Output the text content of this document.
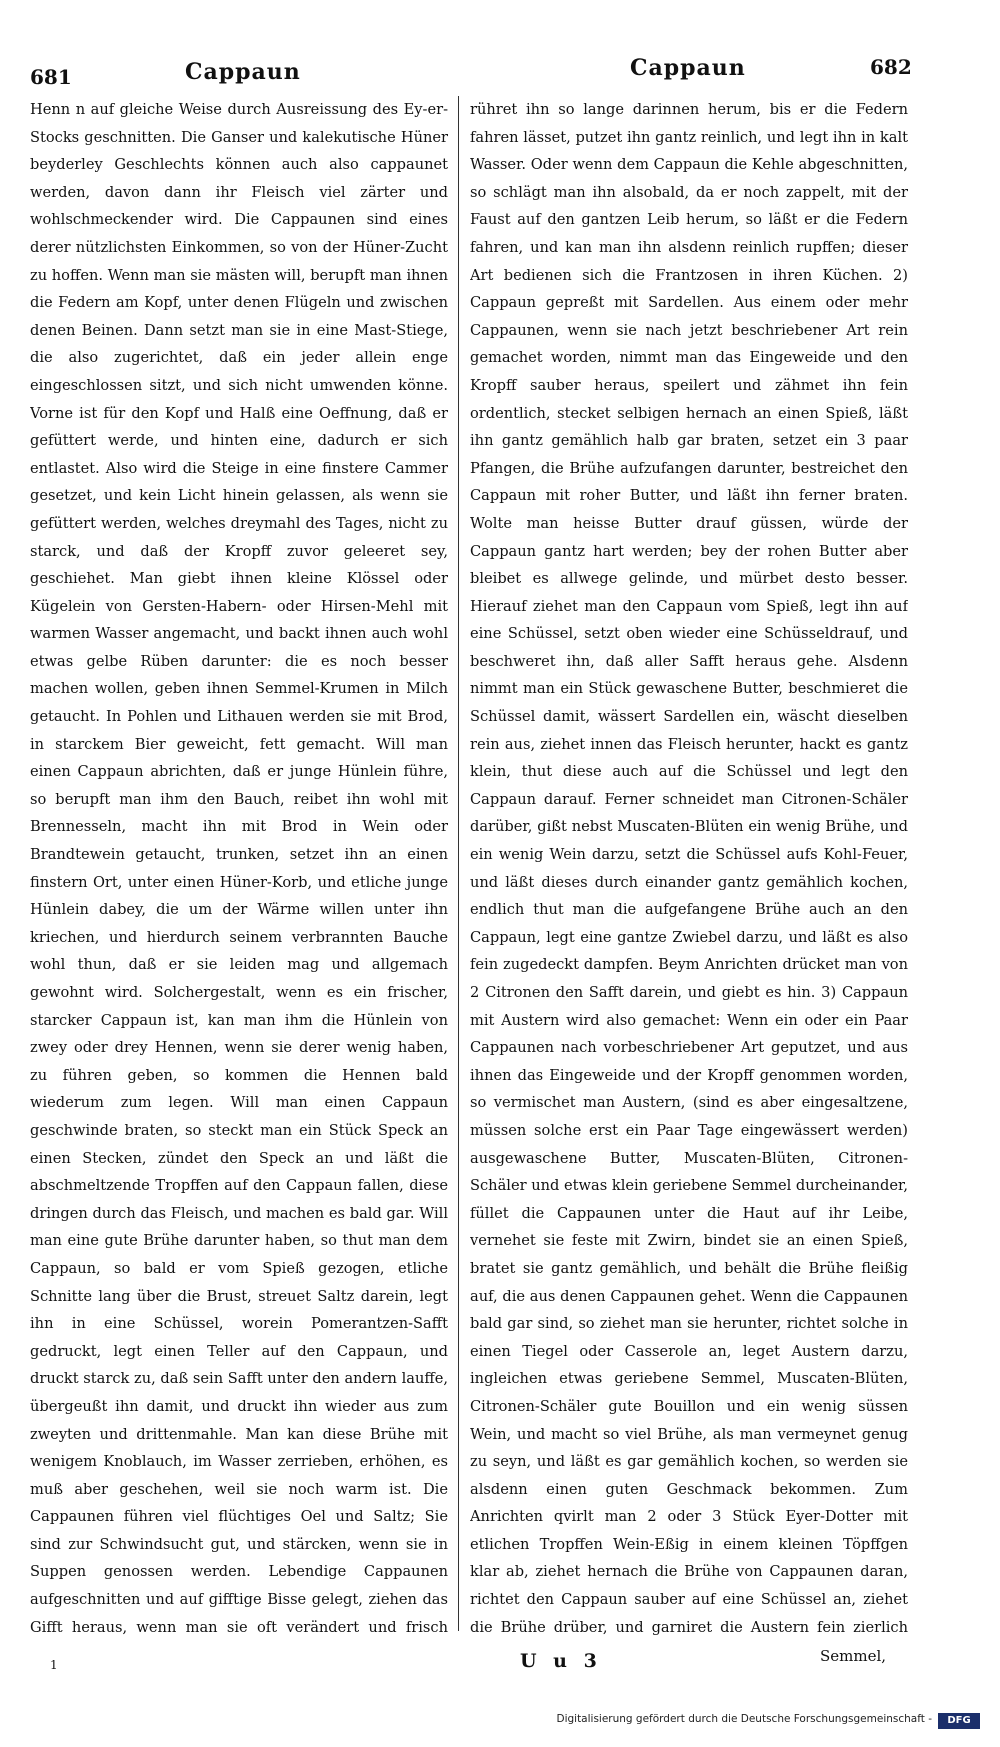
681	Cappaun	Cappaun	682

Henn n auf gleiche Weise durch Ausreissung des Ey-er-Stocks geschnitten. Die Ganser und kalekutische Hüner beyderley Geschlechts können auch also cappaunet werden, davon dann ihr Fleisch viel zärter und wohlschmeckender wird. Die Cappaunen sind eines derer nützlichsten Einkommen, so von der Hüner-Zucht zu hoffen. Wenn man sie mästen will, berupft man ihnen die Federn am Kopf, unter denen Flügeln und zwischen denen Beinen. Dann setzt man sie in eine Mast-Stiege, die also zugerichtet, daß ein jeder allein enge eingeschlossen sitzt, und sich nicht umwenden könne. Vorne ist für den Kopf und Halß eine Oeffnung, daß er gefüttert werde, und hinten eine, dadurch er sich entlastet. Also wird die Steige in eine finstere Cammer gesetzet, und kein Licht hinein gelassen, als wenn sie gefüttert werden, welches dreymahl des Tages, nicht zu starck, und daß der Kropff zuvor geleeret sey, geschiehet. Man giebt ihnen kleine Klössel oder Kügelein von Gersten-Habern- oder Hirsen-Mehl mit warmen Wasser angemacht, und backt ihnen auch wohl etwas gelbe Rüben darunter: die es noch besser machen wollen, geben ihnen Semmel-Krumen in Milch getaucht. In Pohlen und Lithauen werden sie mit Brod, in starckem Bier geweicht, fett gemacht. Will man einen Cappaun abrichten, daß er junge Hünlein führe, so berupft man ihm den Bauch, reibet ihn wohl mit Brennesseln, macht ihn mit Brod in Wein oder Brandtewein getaucht, trunken, setzet ihn an einen finstern Ort, unter einen Hüner-Korb, und etliche junge Hünlein dabey, die um der Wärme willen unter ihn kriechen, und hierdurch seinem verbrannten Bauche wohl thun, daß er sie leiden mag und allgemach gewohnt wird. Solchergestalt, wenn es ein frischer, starcker Cappaun ist, kan man ihm die Hünlein von zwey oder drey Hennen, wenn sie derer wenig haben, zu führen geben, so kommen die Hennen bald wiederum zum legen. Will man einen Cappaun geschwinde braten, so steckt man ein Stück Speck an einen Stecken, zündet den Speck an und läßt die abschmeltzende Tropffen auf den Cappaun fallen, diese dringen durch das Fleisch, und machen es bald gar. Will man eine gute Brühe darunter haben, so thut man dem Cappaun, so bald er vom Spieß gezogen, etliche Schnitte lang über die Brust, streuet Saltz darein, legt ihn in eine Schüssel, worein Pomerantzen-Safft gedruckt, legt einen Teller auf den Cappaun, und druckt starck zu, daß sein Safft unter den andern lauffe, übergeußt ihn damit, und druckt ihn wieder aus zum zweyten und drittenmahle. Man kan diese Brühe mit wenigem Knoblauch, im Wasser zerrieben, erhöhen, es muß aber geschehen, weil sie noch warm ist. Die Cappaunen führen viel flüchtiges Oel und Saltz; Sie sind zur Schwindsucht gut, und stärcken, wenn sie in Suppen genossen werden. Lebendige Cappaunen aufgeschnitten und auf gifftige Bisse gelegt, ziehen das Gifft heraus, wenn man sie oft verändert und frisch

rühret ihn so lange darinnen herum, bis er die Federn fahren lässet, putzet ihn gantz reinlich, und legt ihn in kalt Wasser. Oder wenn dem Cappaun die Kehle abgeschnitten, so schlägt man ihn alsobald, da er noch zappelt, mit der Faust auf den gantzen Leib herum, so läßt er die Federn fahren, und kan man ihn alsdenn reinlich rupffen; dieser Art bedienen sich die Frantzosen in ihren Küchen. 2) Cappaun gepreßt mit Sardellen. Aus einem oder mehr Cappaunen, wenn sie nach jetzt beschriebener Art rein gemachet worden, nimmt man das Eingeweide und den Kropff sauber heraus, speilert und zähmet ihn fein ordentlich, stecket selbigen hernach an einen Spieß, läßt ihn gantz gemählich halb gar braten, setzet ein 3 paar Pfangen, die Brühe aufzufangen darunter, bestreichet den Cappaun mit roher Butter, und läßt ihn ferner braten. Wolte man heisse Butter drauf güssen, würde der Cappaun gantz hart werden; bey der rohen Butter aber bleibet es allwege gelinde, und mürbet desto besser. Hierauf ziehet man den Cappaun vom Spieß, legt ihn auf eine Schüssel, setzt oben wieder eine Schüsseldrauf, und beschweret ihn, daß aller Safft heraus gehe. Alsdenn nimmt man ein Stück gewaschene Butter, beschmieret die Schüssel damit, wässert Sardellen ein, wäscht dieselben rein aus, ziehet innen das Fleisch herunter, hackt es gantz klein, thut diese auch auf die Schüssel und legt den Cappaun darauf. Ferner schneidet man Citronen-Schäler darüber, gißt nebst Muscaten-Blüten ein wenig Brühe, und ein wenig Wein darzu, setzt die Schüssel aufs Kohl-Feuer, und läßt dieses durch einander gantz gemählich kochen, endlich thut man die aufgefangene Brühe auch an den Cappaun, legt eine gantze Zwiebel darzu, und läßt es also fein zugedeckt dampfen. Beym Anrichten drücket man von 2 Citronen den Safft darein, und giebt es hin. 3) Cappaun mit Austern wird also gemachet: Wenn ein oder ein Paar Cappaunen nach vorbeschriebener Art geputzet, und aus ihnen das Eingeweide und der Kropff genommen worden, so vermischet man Austern, (sind es aber eingesaltzene, müssen solche erst ein Paar Tage eingewässert werden) ausgewaschene Butter, Muscaten-Blüten, Citronen-Schäler und etwas klein geriebene Semmel durcheinander, füllet die Cappaunen unter die Haut auf ihr Leibe, vernehet sie feste mit Zwirn, bindet sie an einen Spieß, bratet sie gantz gemählich, und behält die Brühe fleißig auf, die aus denen Cappaunen gehet. Wenn die Cappaunen bald gar sind, so ziehet man sie herunter, richtet solche in einen Tiegel oder Casserole an, leget Austern darzu, ingleichen etwas geriebene Semmel, Muscaten-Blüten, Citronen-Schäler gute Bouillon und ein wenig süssen Wein, und macht so viel Brühe, als man vermeynet genug zu seyn, und läßt es gar gemählich kochen, so werden sie alsdenn einen guten Geschmack bekommen. Zum Anrichten qvirlt man 2 oder 3 Stück Eyer-Dotter mit etlichen Tropffen Wein-Eßig in einem kleinen Töpffgen klar ab, ziehet hernach die Brühe von Cappaunen daran, richtet den Cappaun sauber auf eine Schüssel an, ziehet die Brühe drüber, und garniret die Austern fein zierlich

1	U u 3	Semmel,
Digitalisierung gefördert durch die Deutsche Forschungsgemeinschaft -	DFG
